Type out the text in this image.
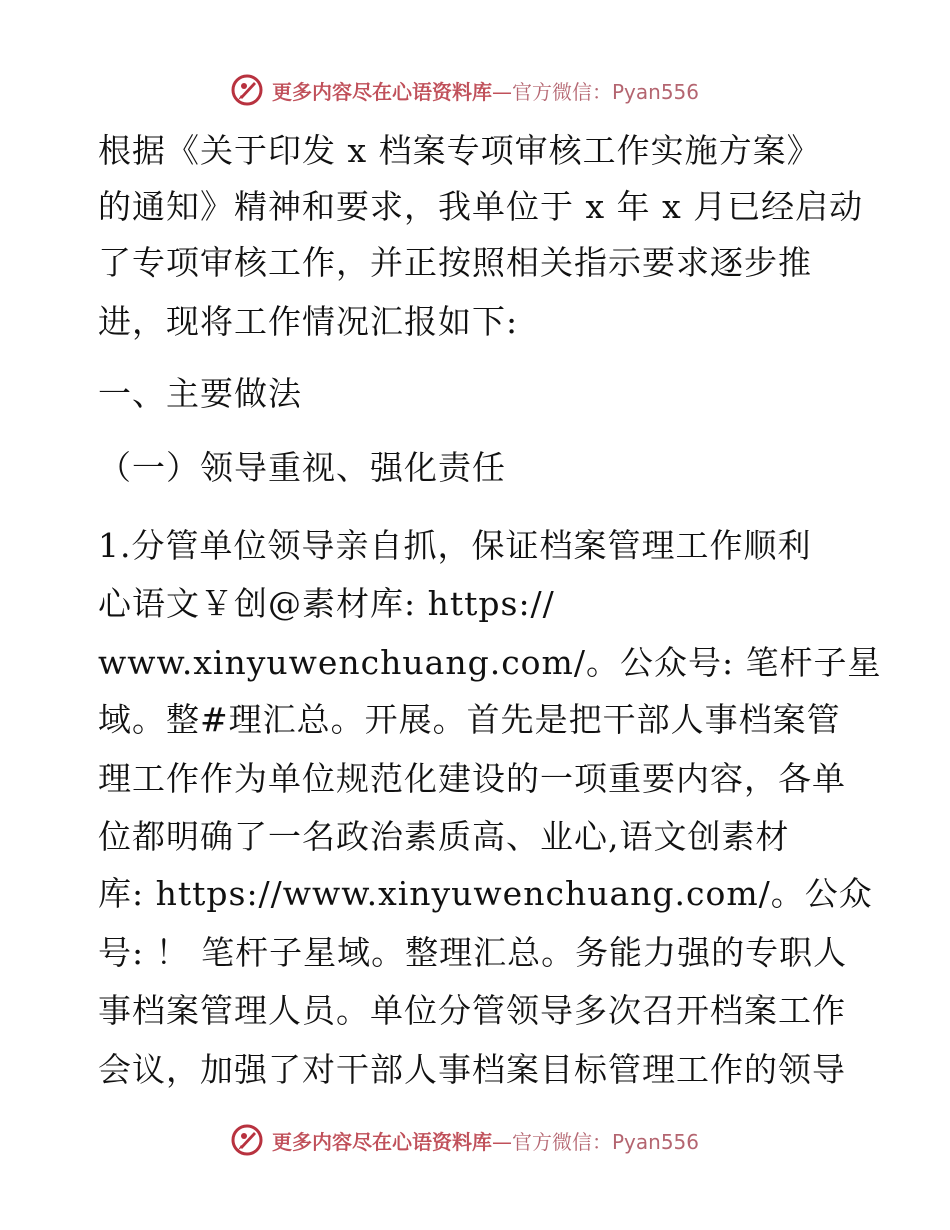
更多内容尽在心语资料库—官方微信：Pyan556
根据《关于印发 x 档案专项审核工作实施方案》
的通知》精神和要求，我单位于 x 年 x 月已经启动
了专项审核工作，并正按照相关指示要求逐步推
进，现将工作情况汇报如下:
一、主要做法
（一）领导重视、强化责任
1.分管单位领导亲自抓，保证档案管理工作顺利
心语文￥创@素材库: https://
www.xinyuwenchuang.com/。公众号: 笔杆子星
域。整#理汇总。开展。首先是把干部人事档案管
理工作作为单位规范化建设的一项重要内容，各单
位都明确了一名政治素质高、业心,语文创素材
库: https://www.xinyuwenchuang.com/。公众
号: ！ 笔杆子星域。整理汇总。务能力强的专职人
事档案管理人员。单位分管领导多次召开档案工作
会议，加强了对干部人事档案目标管理工作的领导
更多内容尽在心语资料库—官方微信：Pyan556
